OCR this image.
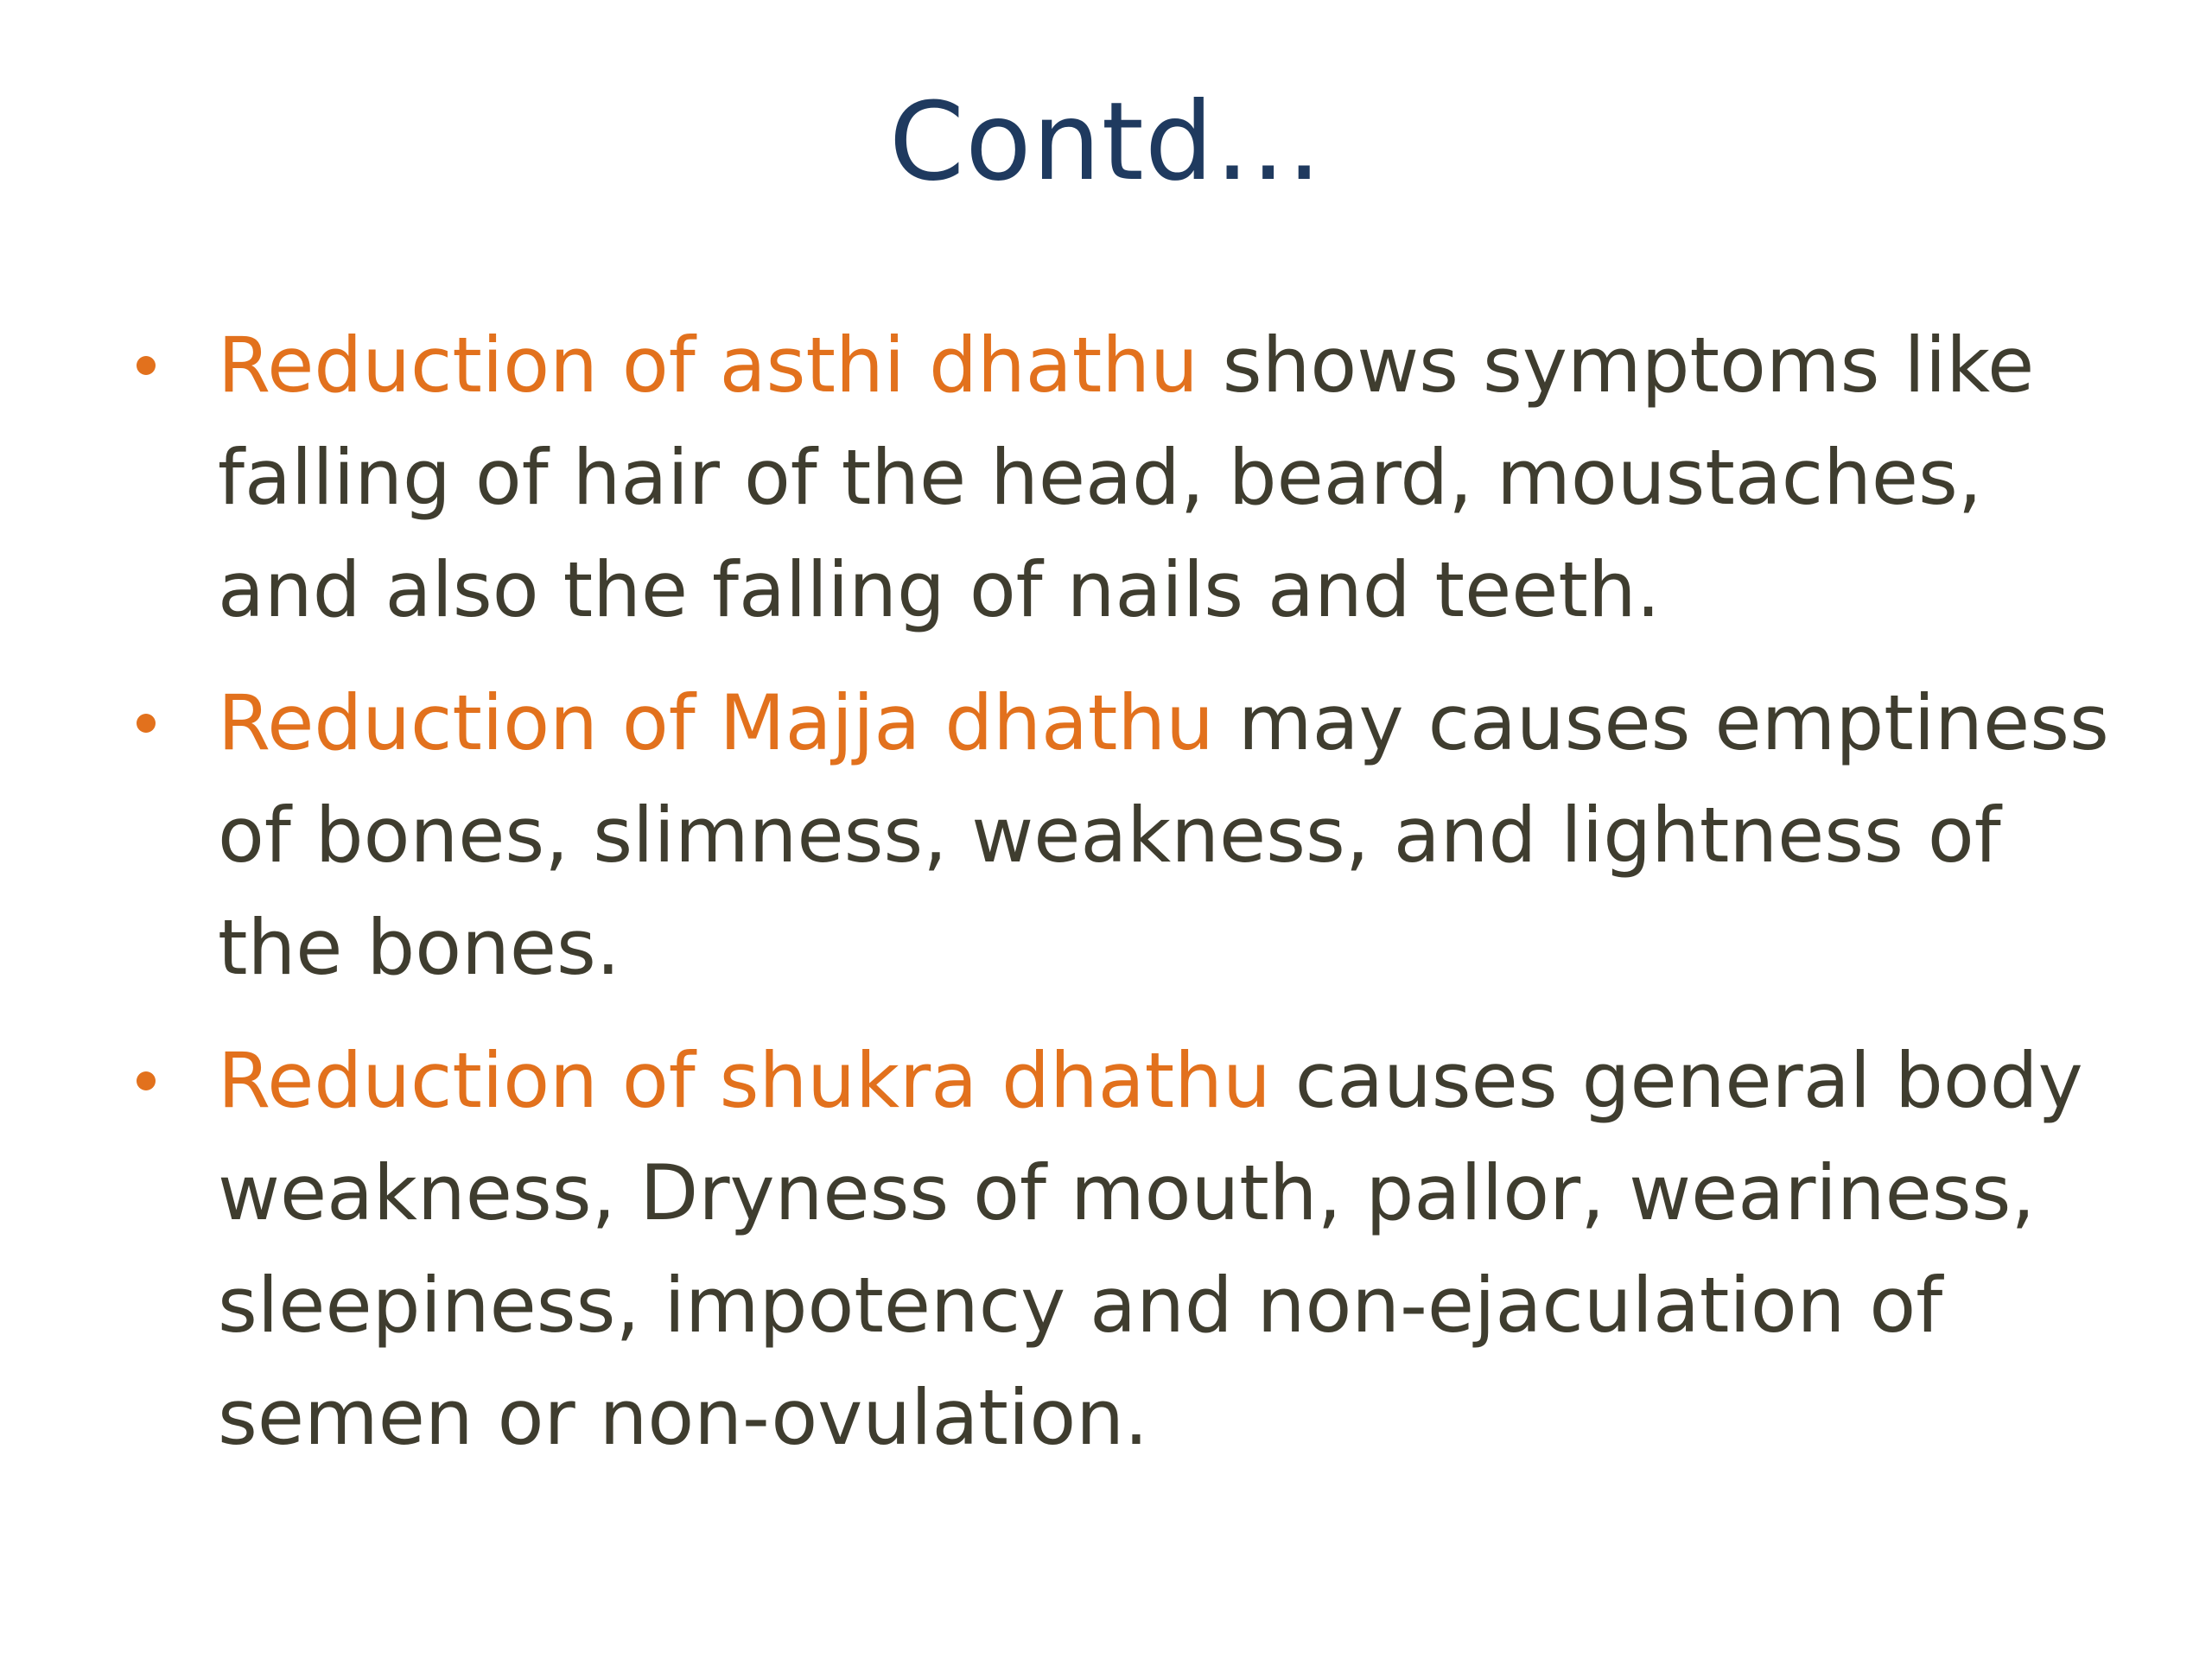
Contd…
Reduction of asthi dhathu shows symptoms like falling of hair of the head, beard, moustaches, and also the falling of nails and teeth.
Reduction of Majja dhathu may causes emptiness of bones, slimness, weakness, and lightness of the bones.
Reduction of shukra dhathu causes general body weakness, Dryness of mouth, pallor, weariness, sleepiness, impotency and non-ejaculation of semen or non-ovulation.
